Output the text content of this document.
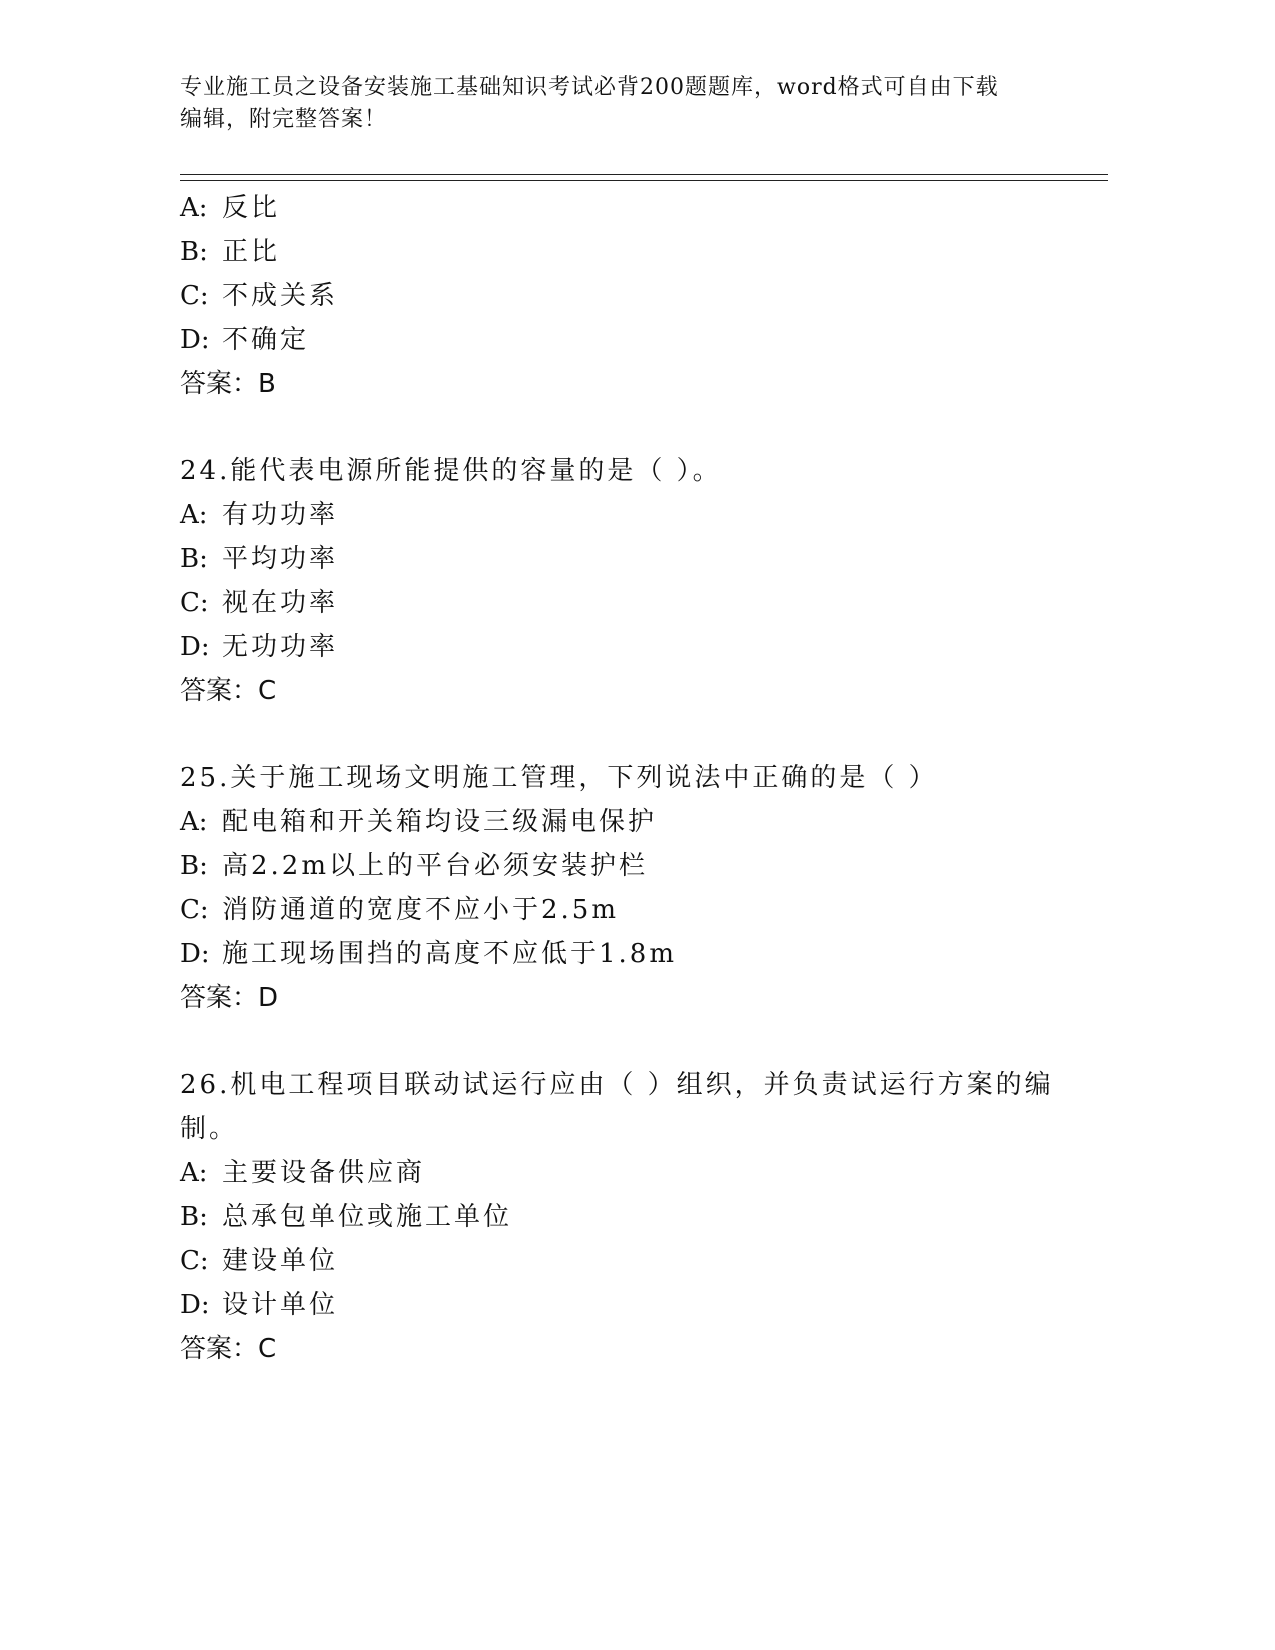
专业施工员之设备安装施工基础知识考试必背200题题库，word格式可自由下载
编辑，附完整答案！
A: 反比
B: 正比
C: 不成关系
D: 不确定
答案：B
24.能代表电源所能提供的容量的是（ ）。
A: 有功功率
B: 平均功率
C: 视在功率
D: 无功功率
答案：C
25.关于施工现场文明施工管理，下列说法中正确的是（ ）
A: 配电箱和开关箱均设三级漏电保护
B: 高2.2m以上的平台必须安装护栏
C: 消防通道的宽度不应小于2.5m
D: 施工现场围挡的高度不应低于1.8m
答案：D
26.机电工程项目联动试运行应由（ ）组织，并负责试运行方案的编
制。
A: 主要设备供应商
B: 总承包单位或施工单位
C: 建设单位
D: 设计单位
答案：C
